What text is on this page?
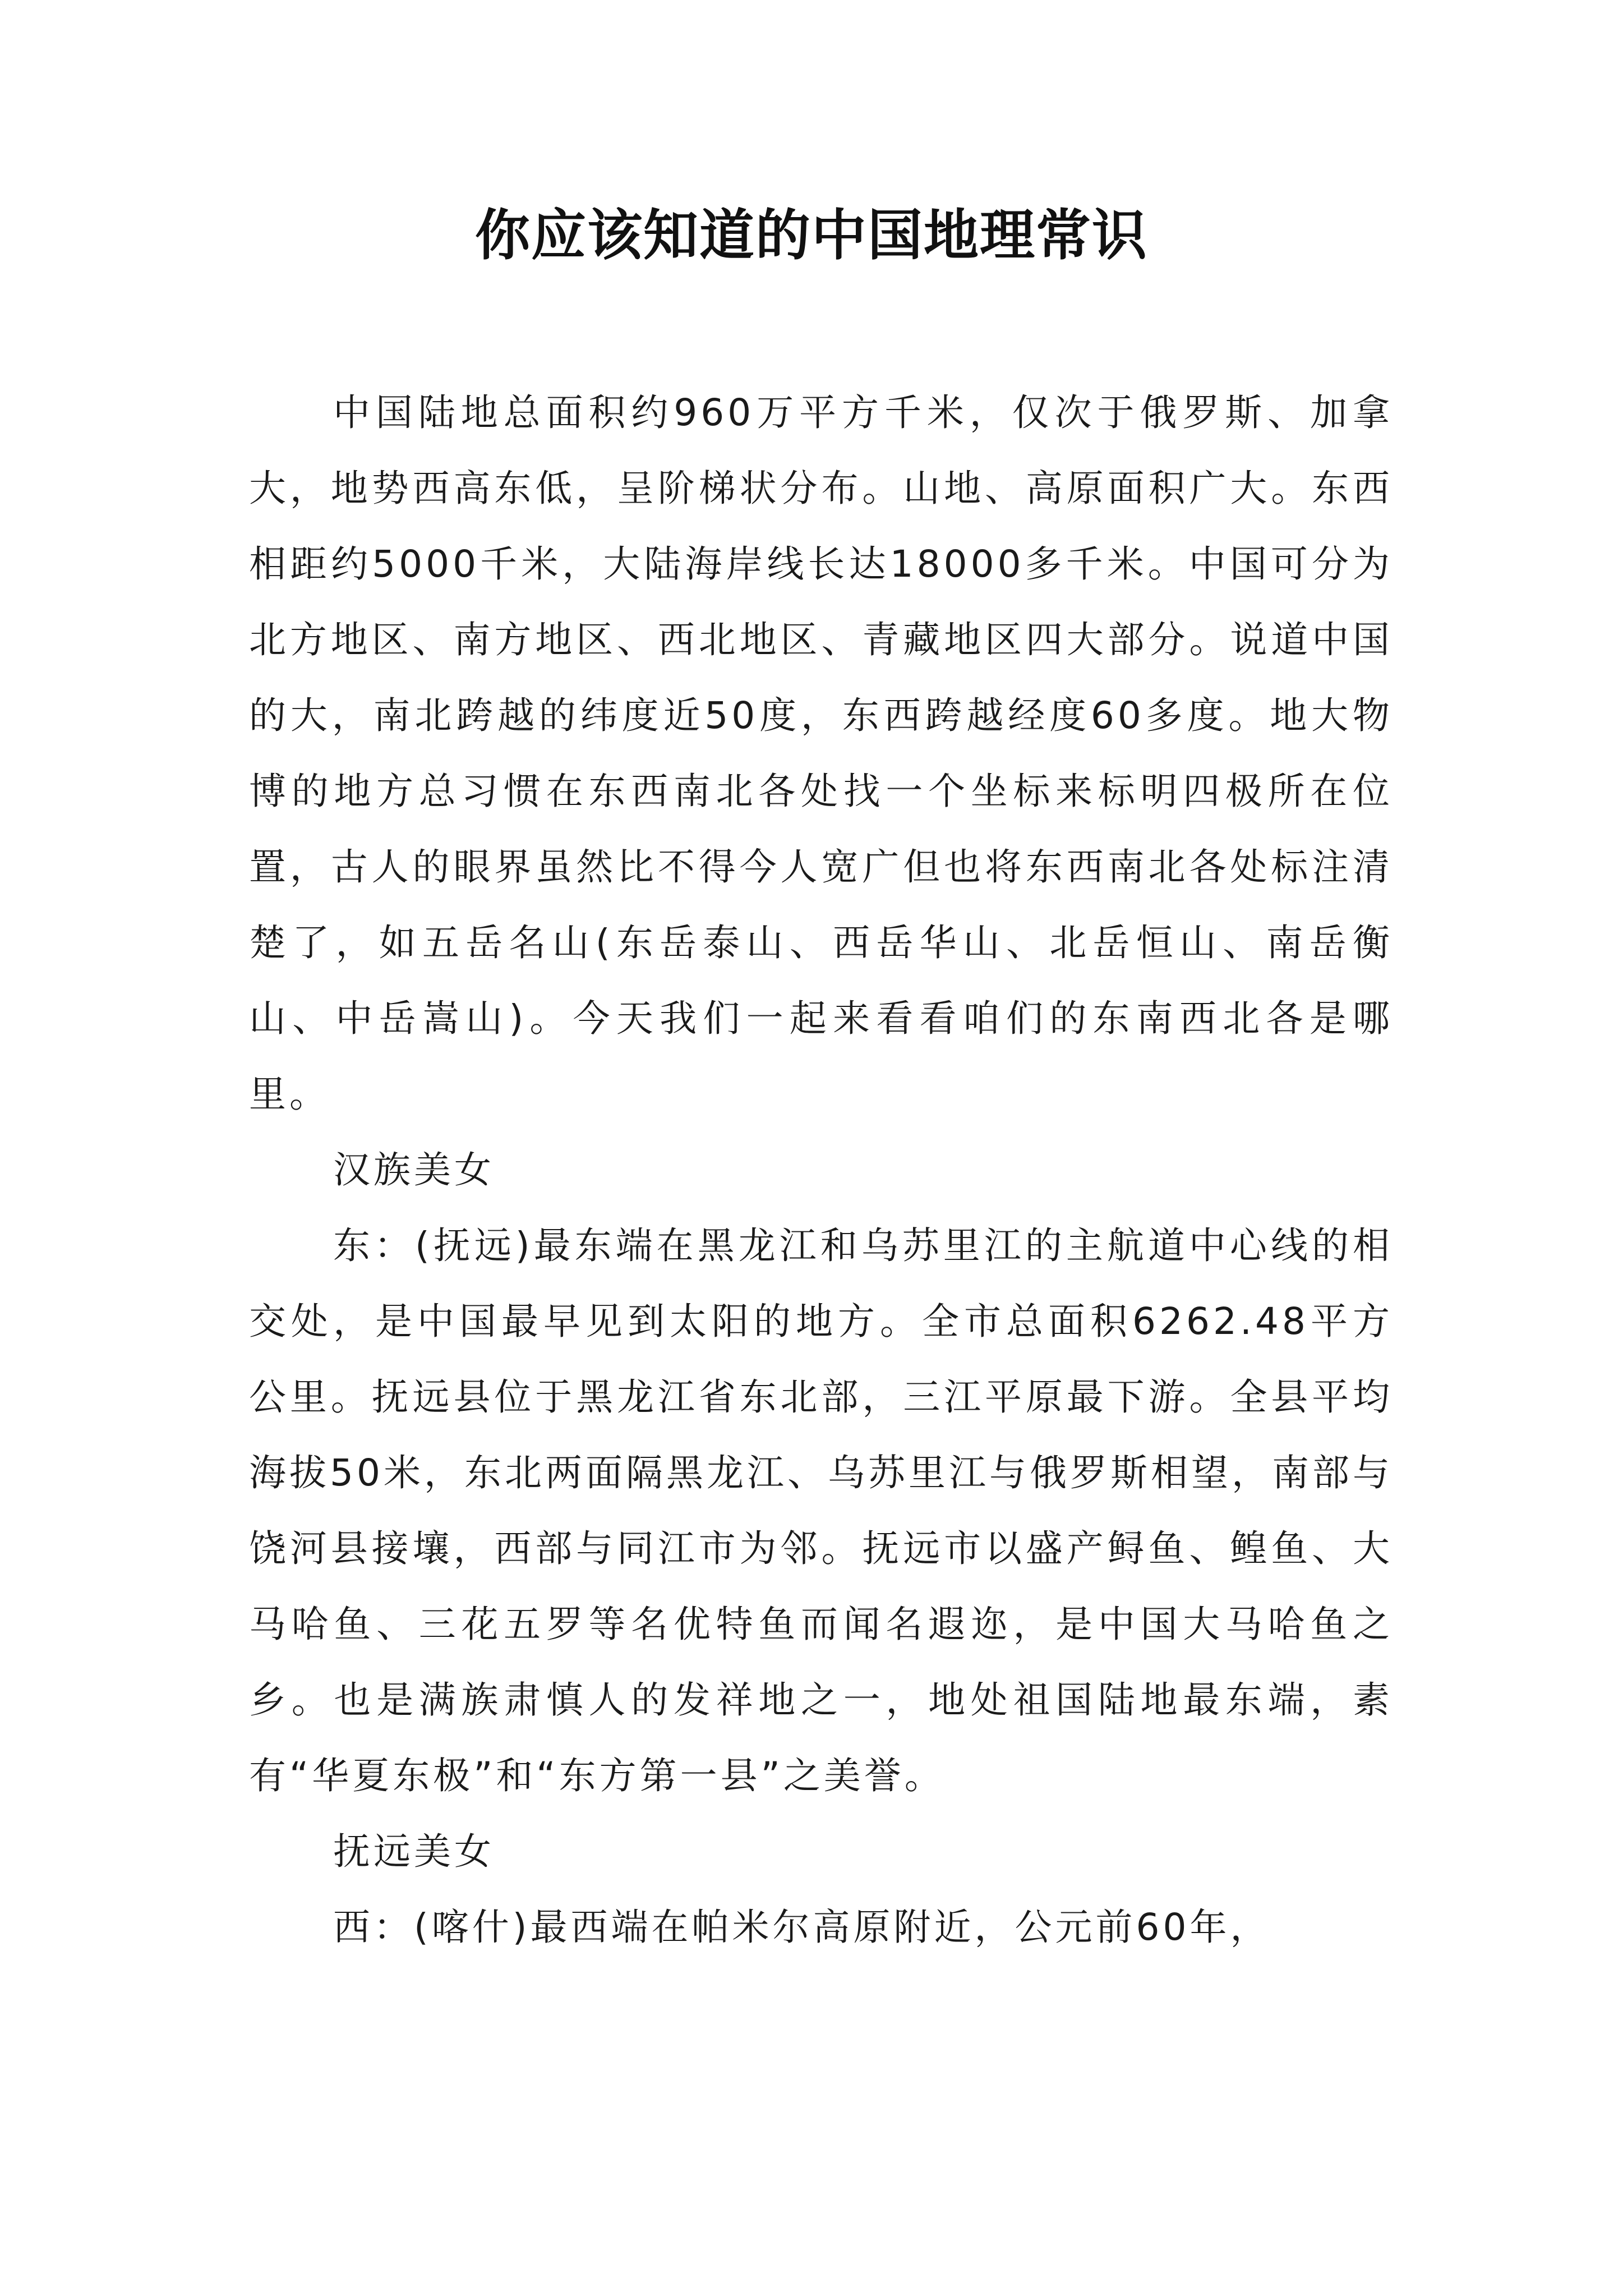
你应该知道的中国地理常识

中国陆地总面积约960万平方千米，仅次于俄罗斯、加拿大，地势西高东低，呈阶梯状分布。山地、高原面积广大。东西相距约5000千米，大陆海岸线长达18000多千米。中国可分为北方地区、南方地区、西北地区、青藏地区四大部分。说道中国的大，南北跨越的纬度近50度，东西跨越经度60多度。地大物博的地方总习惯在东西南北各处找一个坐标来标明四极所在位置，古人的眼界虽然比不得今人宽广但也将东西南北各处标注清楚了，如五岳名山(东岳泰山、西岳华山、北岳恒山、南岳衡山、中岳嵩山)。今天我们一起来看看咱们的东南西北各是哪里。

汉族美女

东：(抚远)最东端在黑龙江和乌苏里江的主航道中心线的相交处，是中国最早见到太阳的地方。全市总面积6262.48平方公里。抚远县位于黑龙江省东北部，三江平原最下游。全县平均海拔50米，东北两面隔黑龙江、乌苏里江与俄罗斯相望，南部与饶河县接壤，西部与同江市为邻。抚远市以盛产鲟鱼、鳇鱼、大马哈鱼、三花五罗等名优特鱼而闻名遐迩，是中国大马哈鱼之乡。也是满族肃慎人的发祥地之一，地处祖国陆地最东端，素有“华夏东极”和“东方第一县”之美誉。

抚远美女

西：(喀什)最西端在帕米尔高原附近，公元前60年，
